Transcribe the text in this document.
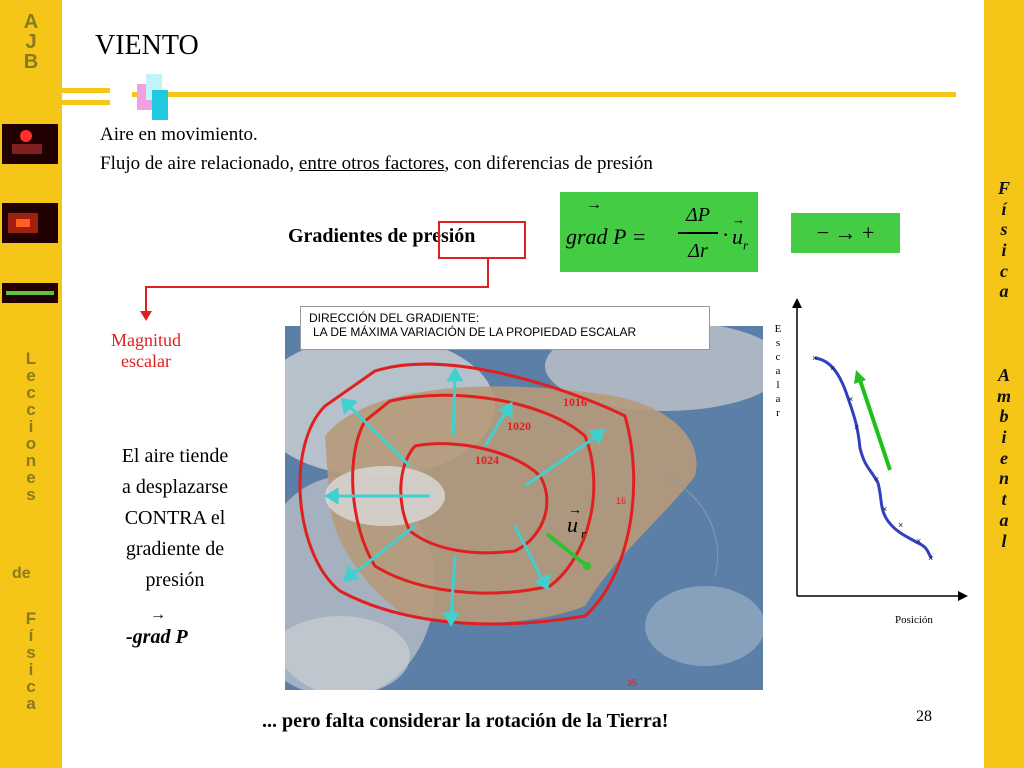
A
J
B
L
e
c
c
i
o
n
e
s
de
F
í
s
i
c
a
F
í
s
i
c
a
A
m
b
i
e
n
t
a
l
VIENTO
Aire en movimiento.
Flujo de aire relacionado, entre otros factores, con diferencias de presión
Gradientes de presión
Magnitud escalar
→
grad P =
ΔP
Δr
·
→
$u_r$	− → +
El aire tiende
a desplazarse
CONTRA el
gradiente de
presión
→
-grad P
1016
1020
1024
16
35
→
u r
DIRECCIÓN DEL GRADIENTE:
LA DE MÁXIMA VARIACIÓN DE LA PROPIEDAD ESCALAR
×
×
×
×
×
×
×
×
×
E
s
c
a
l
a
r
Posición
... pero falta considerar la rotación de la Tierra!	28
